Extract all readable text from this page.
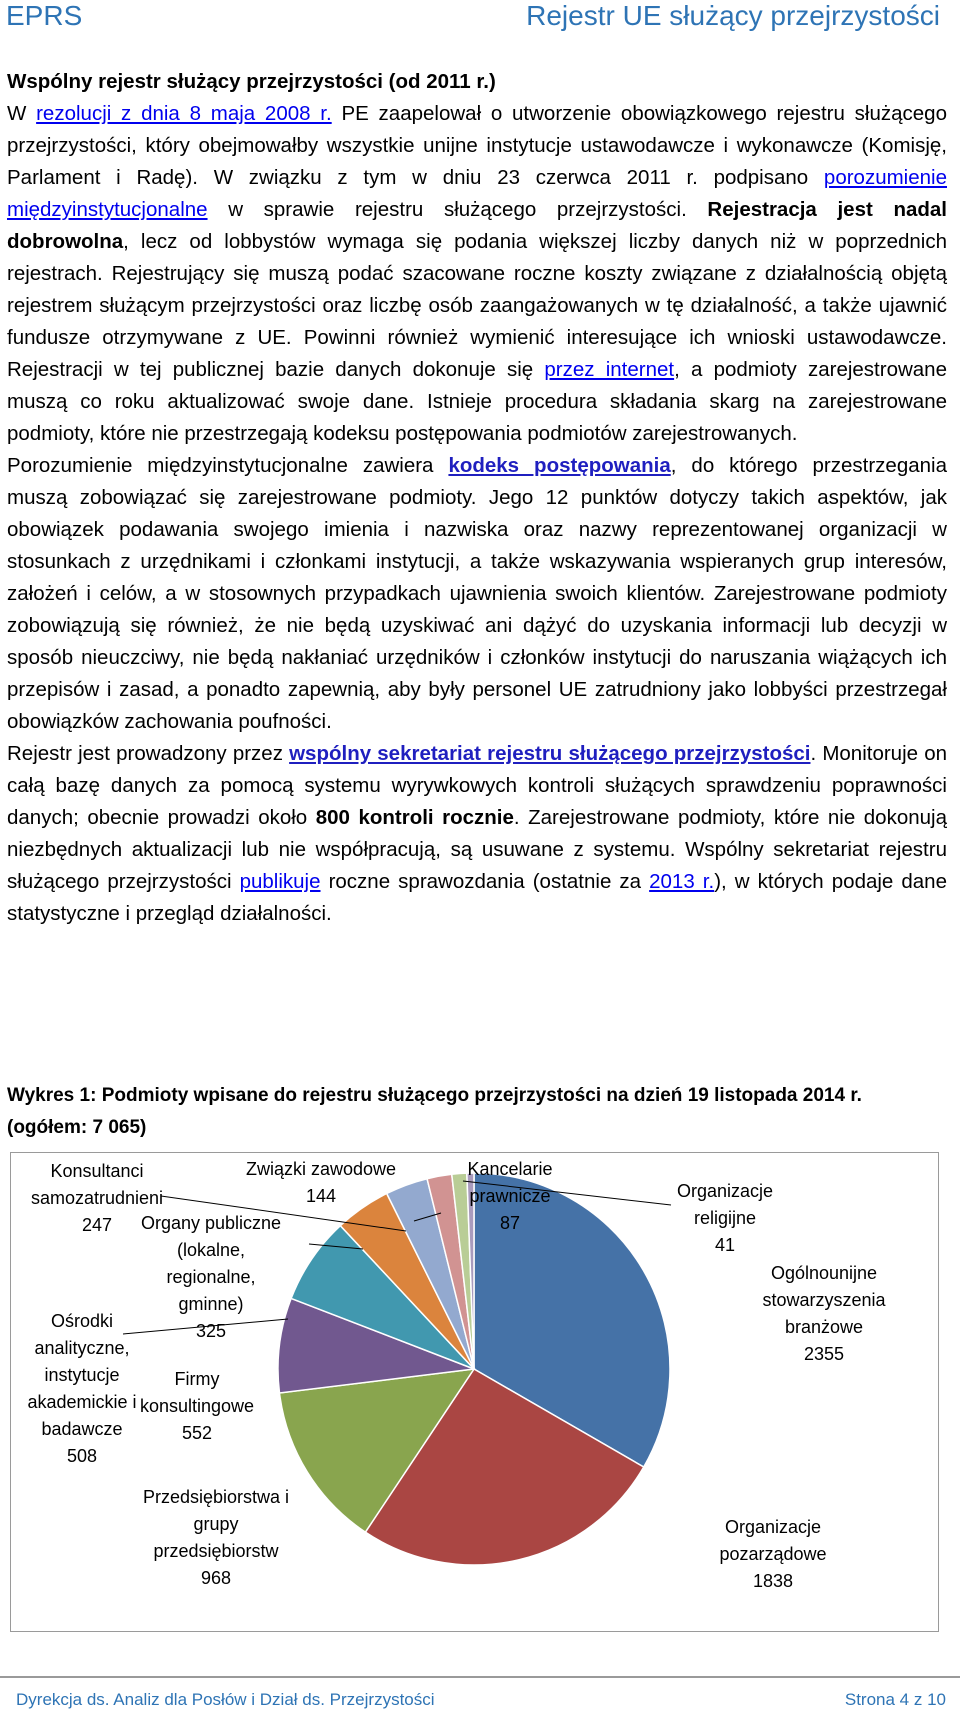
EPRS	Rejestr UE służący przejrzystości

Wspólny rejestr służący przejrzystości (od 2011 r.)

W rezolucji z dnia 8 maja 2008 r. PE zaapelował o utworzenie obowiązkowego rejestru służącego przejrzystości, który obejmowałby wszystkie unijne instytucje ustawodawcze i wykonawcze (Komisję, Parlament i Radę). W związku z tym w dniu 23 czerwca 2011 r. podpisano porozumienie międzyinstytucjonalne w sprawie rejestru służącego przejrzystości. Rejestracja jest nadal dobrowolna, lecz od lobbystów wymaga się podania większej liczby danych niż w poprzednich rejestrach. Rejestrujący się muszą podać szacowane roczne koszty związane z działalnością objętą rejestrem służącym przejrzystości oraz liczbę osób zaangażowanych w tę działalność, a także ujawnić fundusze otrzymywane z UE. Powinni również wymienić interesujące ich wnioski ustawodawcze. Rejestracji w tej publicznej bazie danych dokonuje się przez internet, a podmioty zarejestrowane muszą co roku aktualizować swoje dane. Istnieje procedura składania skarg na zarejestrowane podmioty, które nie przestrzegają kodeksu postępowania podmiotów zarejestrowanych.

Porozumienie międzyinstytucjonalne zawiera kodeks postępowania, do którego przestrzegania muszą zobowiązać się zarejestrowane podmioty. Jego 12 punktów dotyczy takich aspektów, jak obowiązek podawania swojego imienia i nazwiska oraz nazwy reprezentowanej organizacji w stosunkach z urzędnikami i członkami instytucji, a także wskazywania wspieranych grup interesów, założeń i celów, a w stosownych przypadkach ujawnienia swoich klientów. Zarejestrowane podmioty zobowiązują się również, że nie będą uzyskiwać ani dążyć do uzyskania informacji lub decyzji w sposób nieuczciwy, nie będą nakłaniać urzędników i członków instytucji do naruszania wiążących ich przepisów i zasad, a ponadto zapewnią, aby były personel UE zatrudniony jako lobbyści przestrzegał obowiązków zachowania poufności.

Rejestr jest prowadzony przez wspólny sekretariat rejestru służącego przejrzystości. Monitoruje on całą bazę danych za pomocą systemu wyrywkowych kontroli służących sprawdzeniu poprawności danych; obecnie prowadzi około 800 kontroli rocznie. Zarejestrowane podmioty, które nie dokonują niezbędnych aktualizacji lub nie współpracują, są usuwane z systemu. Wspólny sekretariat rejestru służącego przejrzystości publikuje roczne sprawozdania (ostatnie za 2013 r.), w których podaje dane statystyczne i przegląd działalności.

Wykres 1: Podmioty wpisane do rejestru służącego przejrzystości na dzień 19 listopada 2014 r. (ogółem: 7 065)
Ogólnounijne stowarzyszenia branżowe 2355
Organizacje pozarządowe 1838
Przedsiębiorstwa i grupy przedsiębiorstw 968
Firmy konsultingowe 552
Ośrodki analityczne, instytucje akademickie i badawcze 508
Organy publiczne (lokalne, regionalne, gminne) 325
Konsultanci samozatrudnieni 247
Związki zawodowe 144
Kancelarie prawnicze 87
Organizacje religijne 41
Dyrekcja ds. Analiz dla Posłów i Dział ds. Przejrzystości	Strona 4 z 10
